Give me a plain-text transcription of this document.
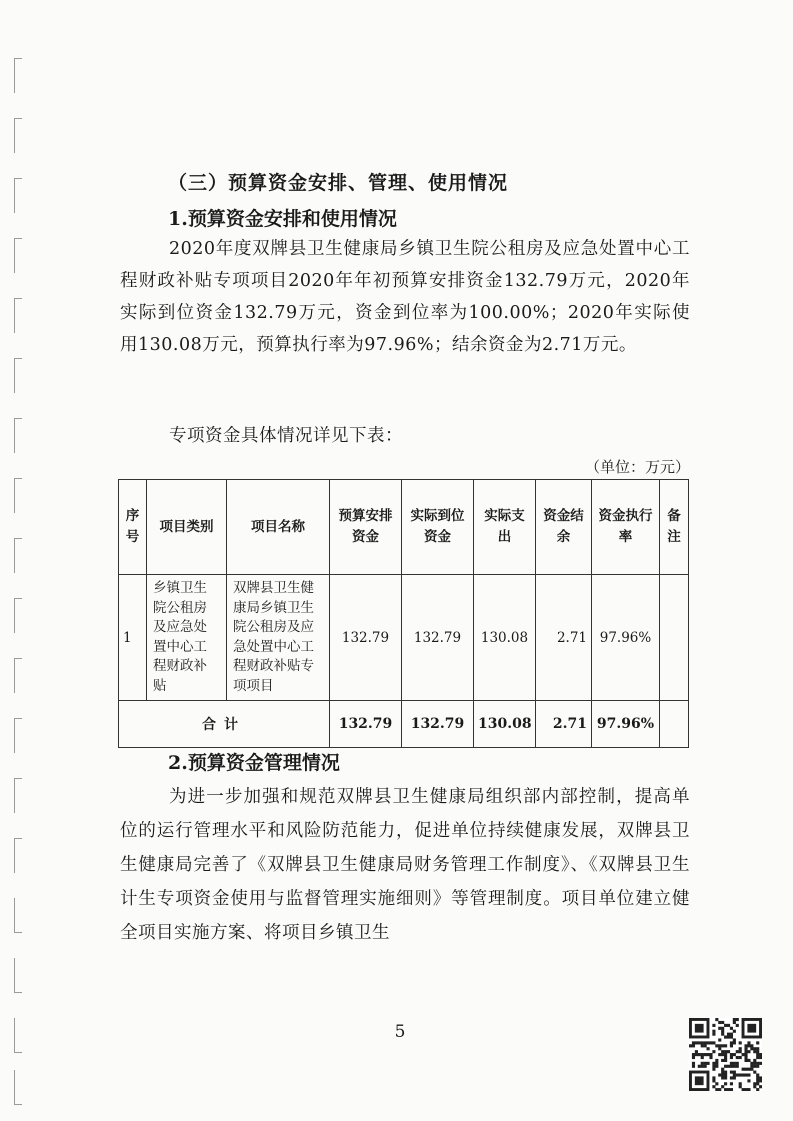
（三）预算资金安排、管理、使用情况
1.预算资金安排和使用情况

2020年度双牌县卫生健康局乡镇卫生院公租房及应急处置中心工程财政补贴专项项目2020年年初预算安排资金132.79万元，2020年实际到位资金132.79万元，资金到位率为100.00%；2020年实际使用130.08万元，预算执行率为97.96%；结余资金为2.71万元。

专项资金具体情况详见下表：

（单位：万元）
序号	项目类别	项目名称	预算安排资金	实际到位资金	实际支出	资金结余	资金执行率	备注
1	乡镇卫生院公租房及应急处置中心工程财政补贴	双牌县卫生健康局乡镇卫生院公租房及应急处置中心工程财政补贴专项项目	132.79	132.79	130.08	2.71	97.96%	
合计			132.79	132.79	130.08	2.71	97.96%	
2.预算资金管理情况

为进一步加强和规范双牌县卫生健康局组织部内部控制，提高单位的运行管理水平和风险防范能力，促进单位持续健康发展，双牌县卫生健康局完善了《双牌县卫生健康局财务管理工作制度》、《双牌县卫生计生专项资金使用与监督管理实施细则》等管理制度。项目单位建立健全项目实施方案、将项目乡镇卫生

5
